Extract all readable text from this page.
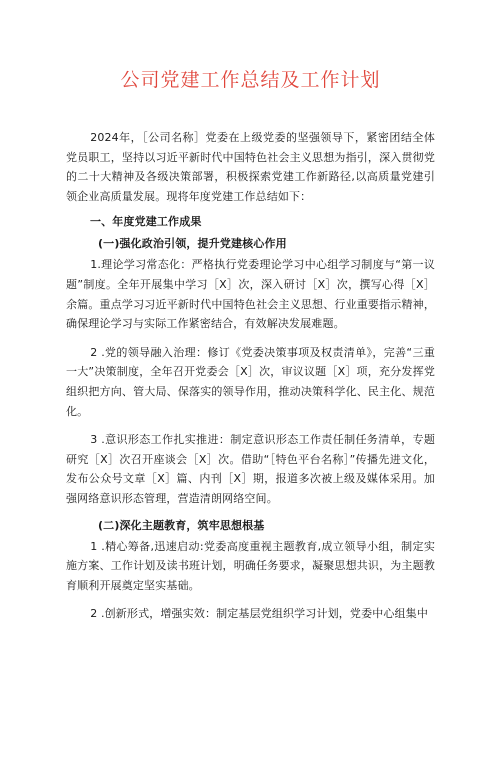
公司党建工作总结及工作计划

2024年，［公司名称］党委在上级党委的坚强领导下，紧密团结全体党员职工，坚持以习近平新时代中国特色社会主义思想为指引，深入贯彻党的二十大精神及各级决策部署，积极探索党建工作新路径,以高质量党建引领企业高质量发展。现将年度党建工作总结如下：

一、年度党建工作成果

(一)强化政治引领，提升党建核心作用

1.理论学习常态化：严格执行党委理论学习中心组学习制度与“第一议题”制度。全年开展集中学习［X］次，深入研讨［X］次，撰写心得［X］余篇。重点学习习近平新时代中国特色社会主义思想、行业重要指示精神，确保理论学习与实际工作紧密结合，有效解决发展难题。

2 .党的领导融入治理：修订《党委决策事项及权责清单》，完善“三重一大”决策制度，全年召开党委会［X］次，审议议题［X］项，充分发挥党组织把方向、管大局、保落实的领导作用，推动决策科学化、民主化、规范化。

3 .意识形态工作扎实推进：制定意识形态工作责任制任务清单，专题研究［X］次召开座谈会［X］次。借助“［特色平台名称］”传播先进文化，发布公众号文章［X］篇、内刊［X］期，报道多次被上级及媒体采用。加强网络意识形态管理，营造清朗网络空间。

(二)深化主题教育，筑牢思想根基

1 .精心筹备,迅速启动:党委高度重视主题教育,成立领导小组，制定实施方案、工作计划及读书班计划，明确任务要求，凝聚思想共识，为主题教育顺利开展奠定坚实基础。

2 .创新形式，增强实效：制定基层党组织学习计划，党委中心组集中
